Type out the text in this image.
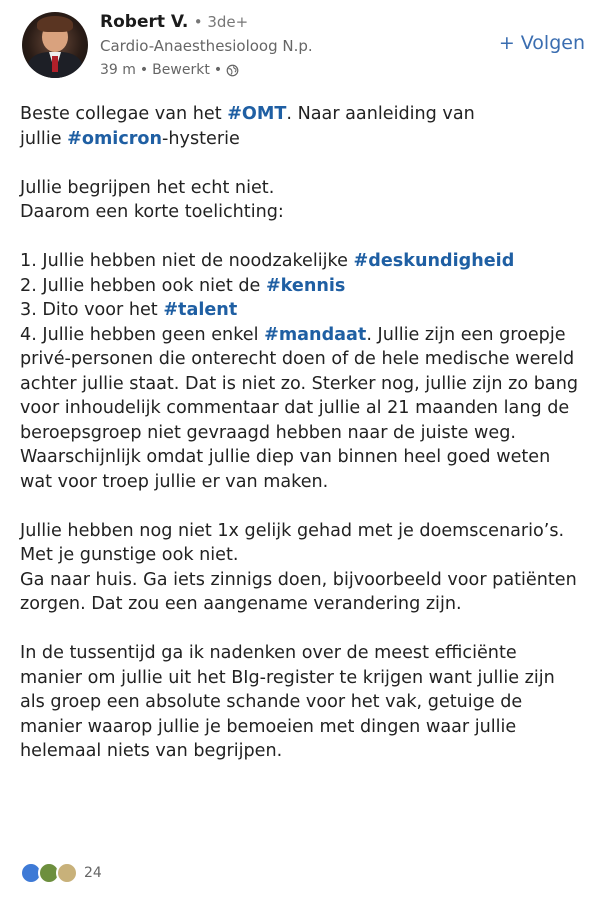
Robert V. • 3de+
Cardio-Anaesthesioloog N.p.
39 m • Bewerkt •
+ Volgen
Beste collegae van het #OMT. Naar aanleiding van
jullie #omicron-hysterie
Jullie begrijpen het echt niet.
Daarom een korte toelichting:
1. Jullie hebben niet de noodzakelijke #deskundigheid
2. Jullie hebben ook niet de #kennis
3. Dito voor het #talent
4. Jullie hebben geen enkel #mandaat. Jullie zijn een groepje
privé-personen die onterecht doen of de hele medische wereld
achter jullie staat. Dat is niet zo. Sterker nog, jullie zijn zo bang
voor inhoudelijk commentaar dat jullie al 21 maanden lang de
beroepsgroep niet gevraagd hebben naar de juiste weg.
Waarschijnlijk omdat jullie diep van binnen heel goed weten
wat voor troep jullie er van maken.
Jullie hebben nog niet 1x gelijk gehad met je doemscenario’s.
Met je gunstige ook niet.
Ga naar huis. Ga iets zinnigs doen, bijvoorbeeld voor patiënten
zorgen. Dat zou een aangename verandering zijn.
In de tussentijd ga ik nadenken over de meest efficiënte
manier om jullie uit het BIg-register te krijgen want jullie zijn
als groep een absolute schande voor het vak, getuige de
manier waarop jullie je bemoeien met dingen waar jullie
helemaal niets van begrijpen.
24
